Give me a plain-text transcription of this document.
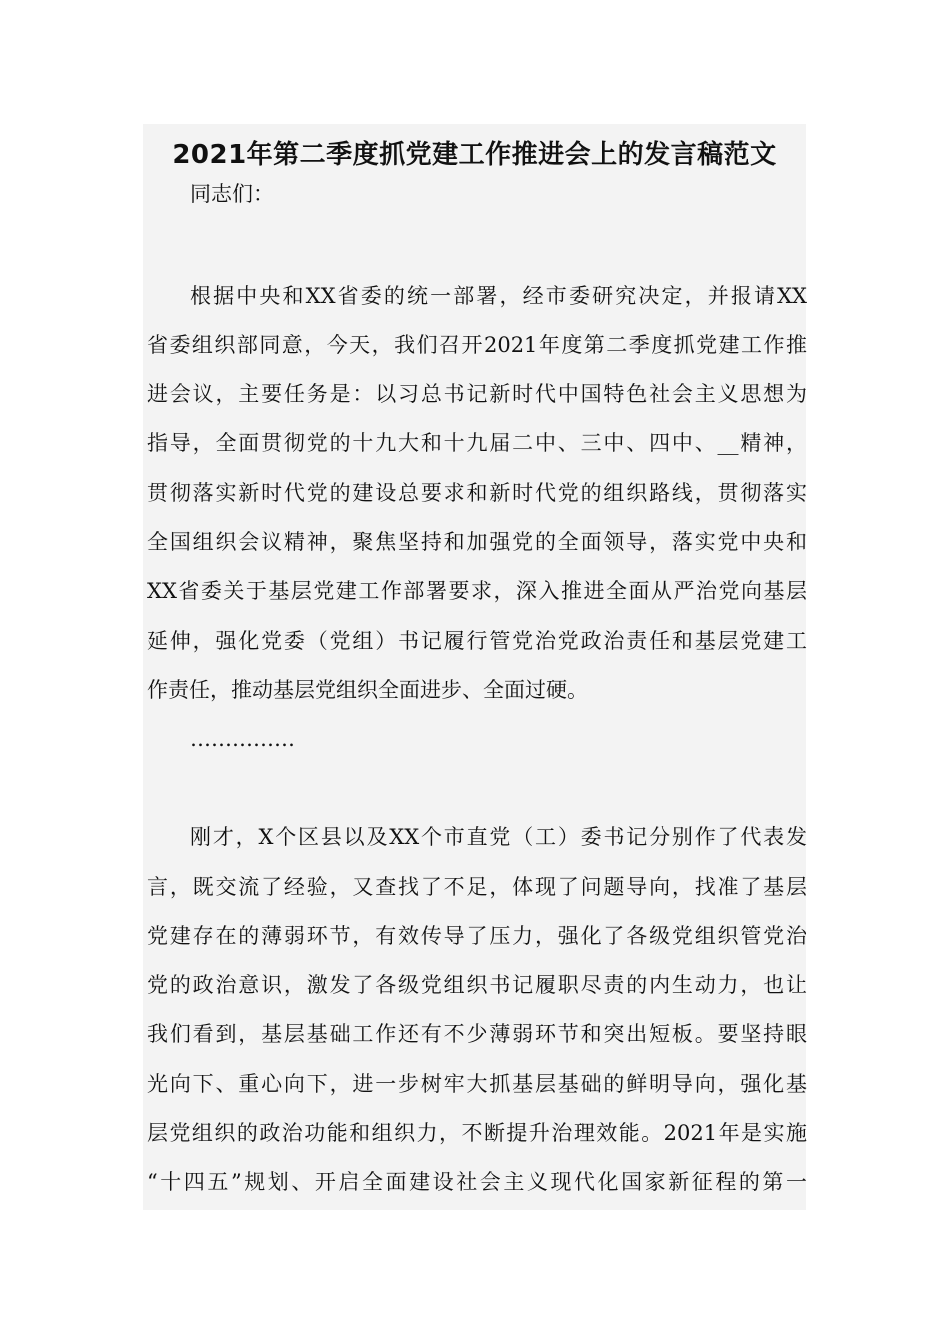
2021年第二季度抓党建工作推进会上的发言稿范文
同志们：
根据中央和XX省委的统一部署，经市委研究决定，并报请XX
省委组织部同意，今天，我们召开2021年度第二季度抓党建工作推
进会议，主要任务是：以习总书记新时代中国特色社会主义思想为
指导，全面贯彻党的十九大和十九届二中、三中、四中、__精神，
贯彻落实新时代党的建设总要求和新时代党的组织路线，贯彻落实
全国组织会议精神，聚焦坚持和加强党的全面领导，落实党中央和
XX省委关于基层党建工作部署要求，深入推进全面从严治党向基层
延伸，强化党委（党组）书记履行管党治党政治责任和基层党建工
作责任，推动基层党组织全面进步、全面过硬。
……………
刚才，X个区县以及XX个市直党（工）委书记分别作了代表发
言，既交流了经验，又查找了不足，体现了问题导向，找准了基层
党建存在的薄弱环节，有效传导了压力，强化了各级党组织管党治
党的政治意识，激发了各级党组织书记履职尽责的内生动力，也让
我们看到，基层基础工作还有不少薄弱环节和突出短板。要坚持眼
光向下、重心向下，进一步树牢大抓基层基础的鲜明导向，强化基
层党组织的政治功能和组织力，不断提升治理效能。2021年是实施
“十四五”规划、开启全面建设社会主义现代化国家新征程的第一
